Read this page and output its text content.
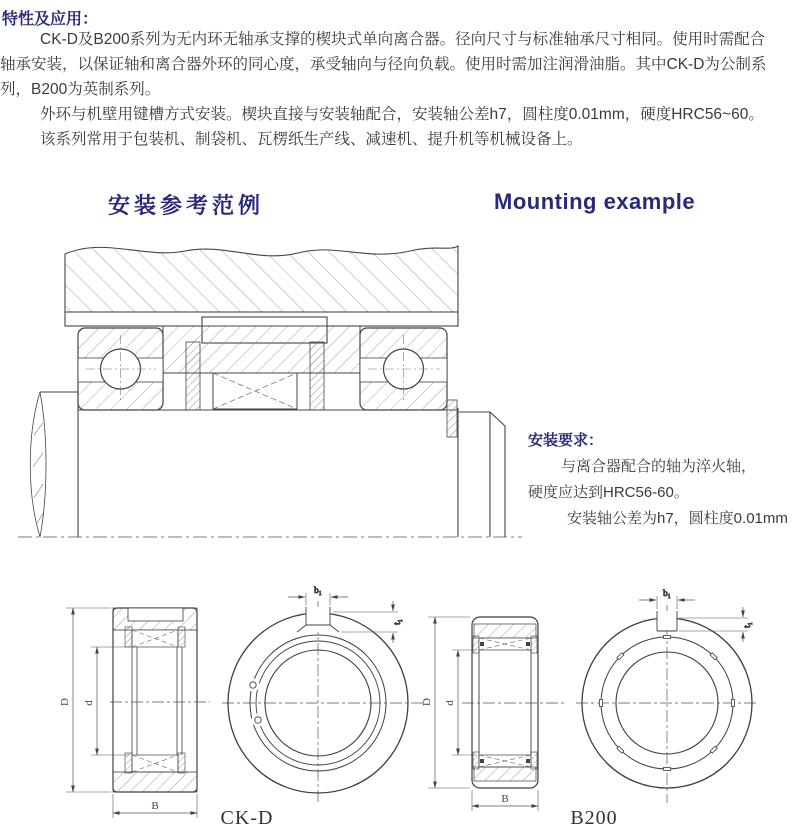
特性及应用：
CK-D及B200系列为无内环无轴承支撑的楔块式单向离合器。径向尺寸与标准轴承尺寸相同。使用时需配合
轴承安装，以保证轴和离合器外环的同心度，承受轴向与径向负载。使用时需加注润滑油脂。其中CK-D为公制系
列，B200为英制系列。
外环与机壁用键槽方式安装。楔块直接与安装轴配合，安装轴公差h7，圆柱度0.01mm，硬度HRC56~60。
该系列常用于包装机、制袋机、瓦楞纸生产线、减速机、提升机等机械设备上。
安装参考范例	Mounting example
安装要求：
与离合器配合的轴为淬火轴，
硬度应达到HRC56-60。
安装轴公差为h7，圆柱度0.01mm
D d
B
b₁
t₁
CK-D
D d
B
b₁
t₁
B200
